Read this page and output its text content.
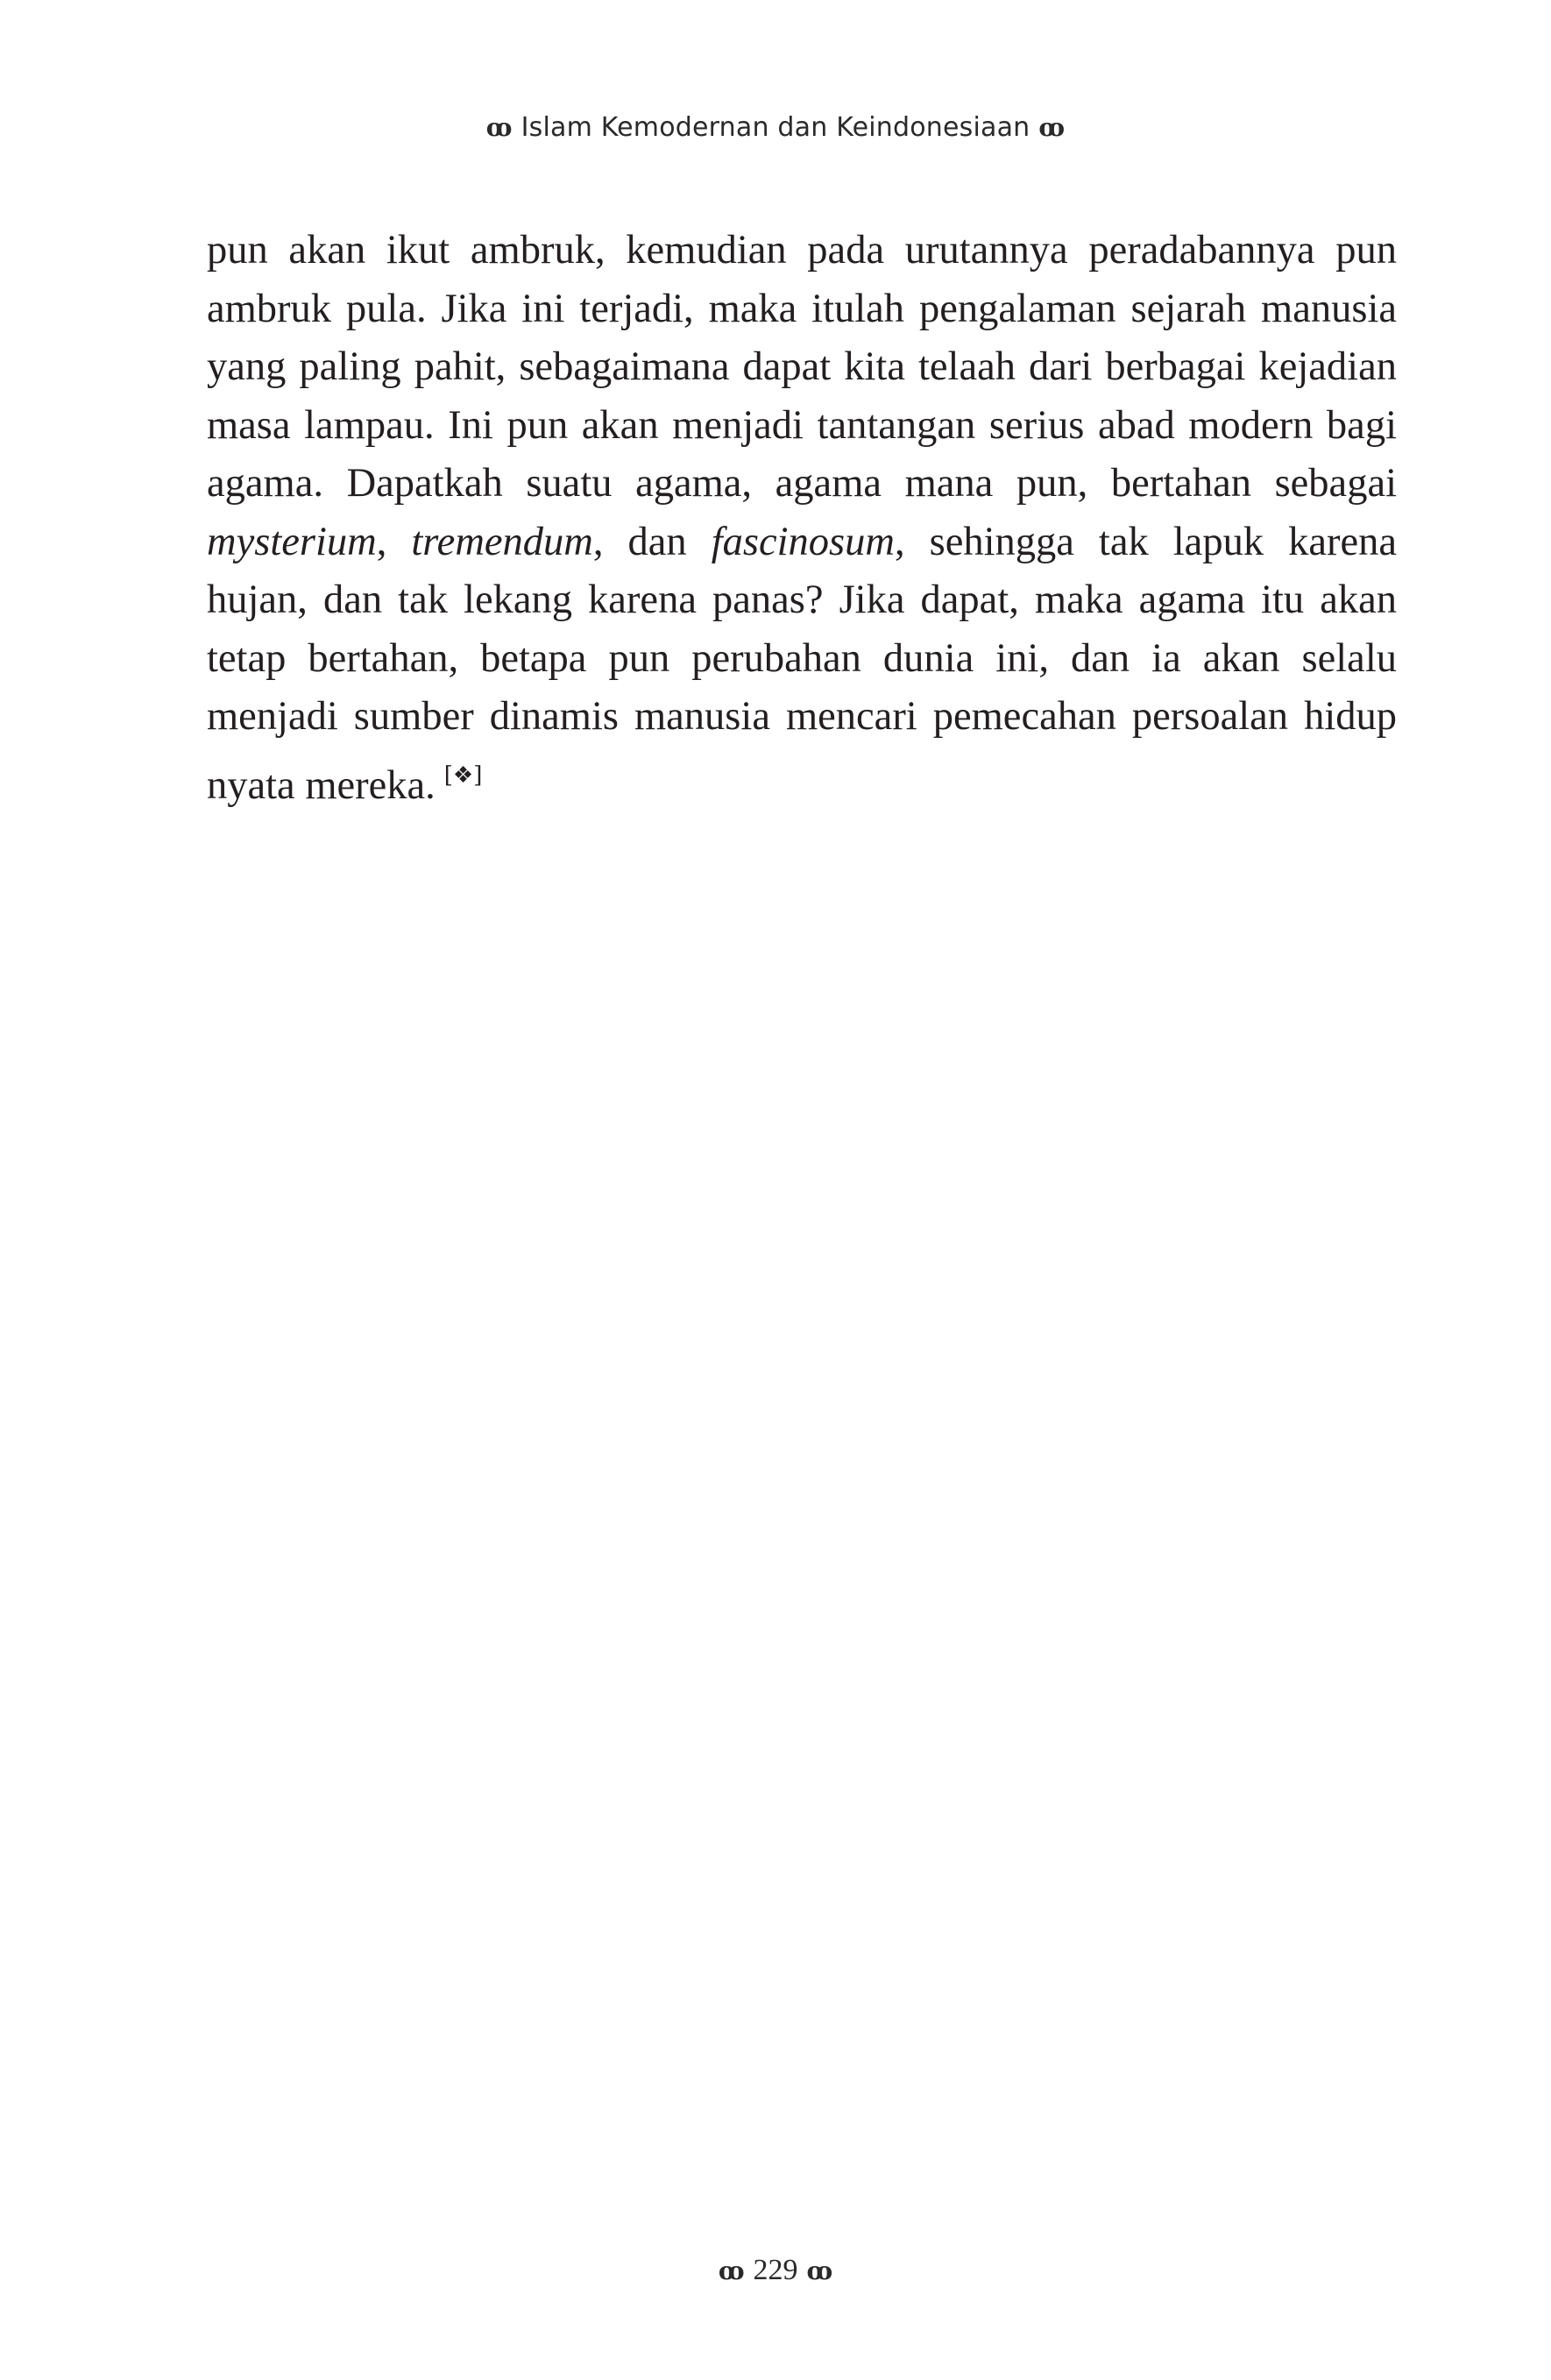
ꝏ Islam Kemodernan dan Keindonesiaan ꝏ

pun akan ikut ambruk, kemudian pada urutannya peradabannya pun ambruk pula. Jika ini terjadi, maka itulah pengalaman sejarah manusia yang paling pahit, sebagaimana dapat kita telaah dari berbagai kejadian masa lampau. Ini pun akan menjadi tantangan serius abad modern bagi agama. Dapatkah suatu agama, agama mana pun, bertahan sebagai mysterium, tremendum, dan fascinosum, sehingga tak lapuk karena hujan, dan tak lekang karena panas? Jika dapat, maka agama itu akan tetap bertahan, betapa pun perubahan dunia ini, dan ia akan selalu menjadi sumber dinamis manusia mencari pemecahan persoalan hidup nyata mereka. [❖]

ꝏ 229 ꝏ
